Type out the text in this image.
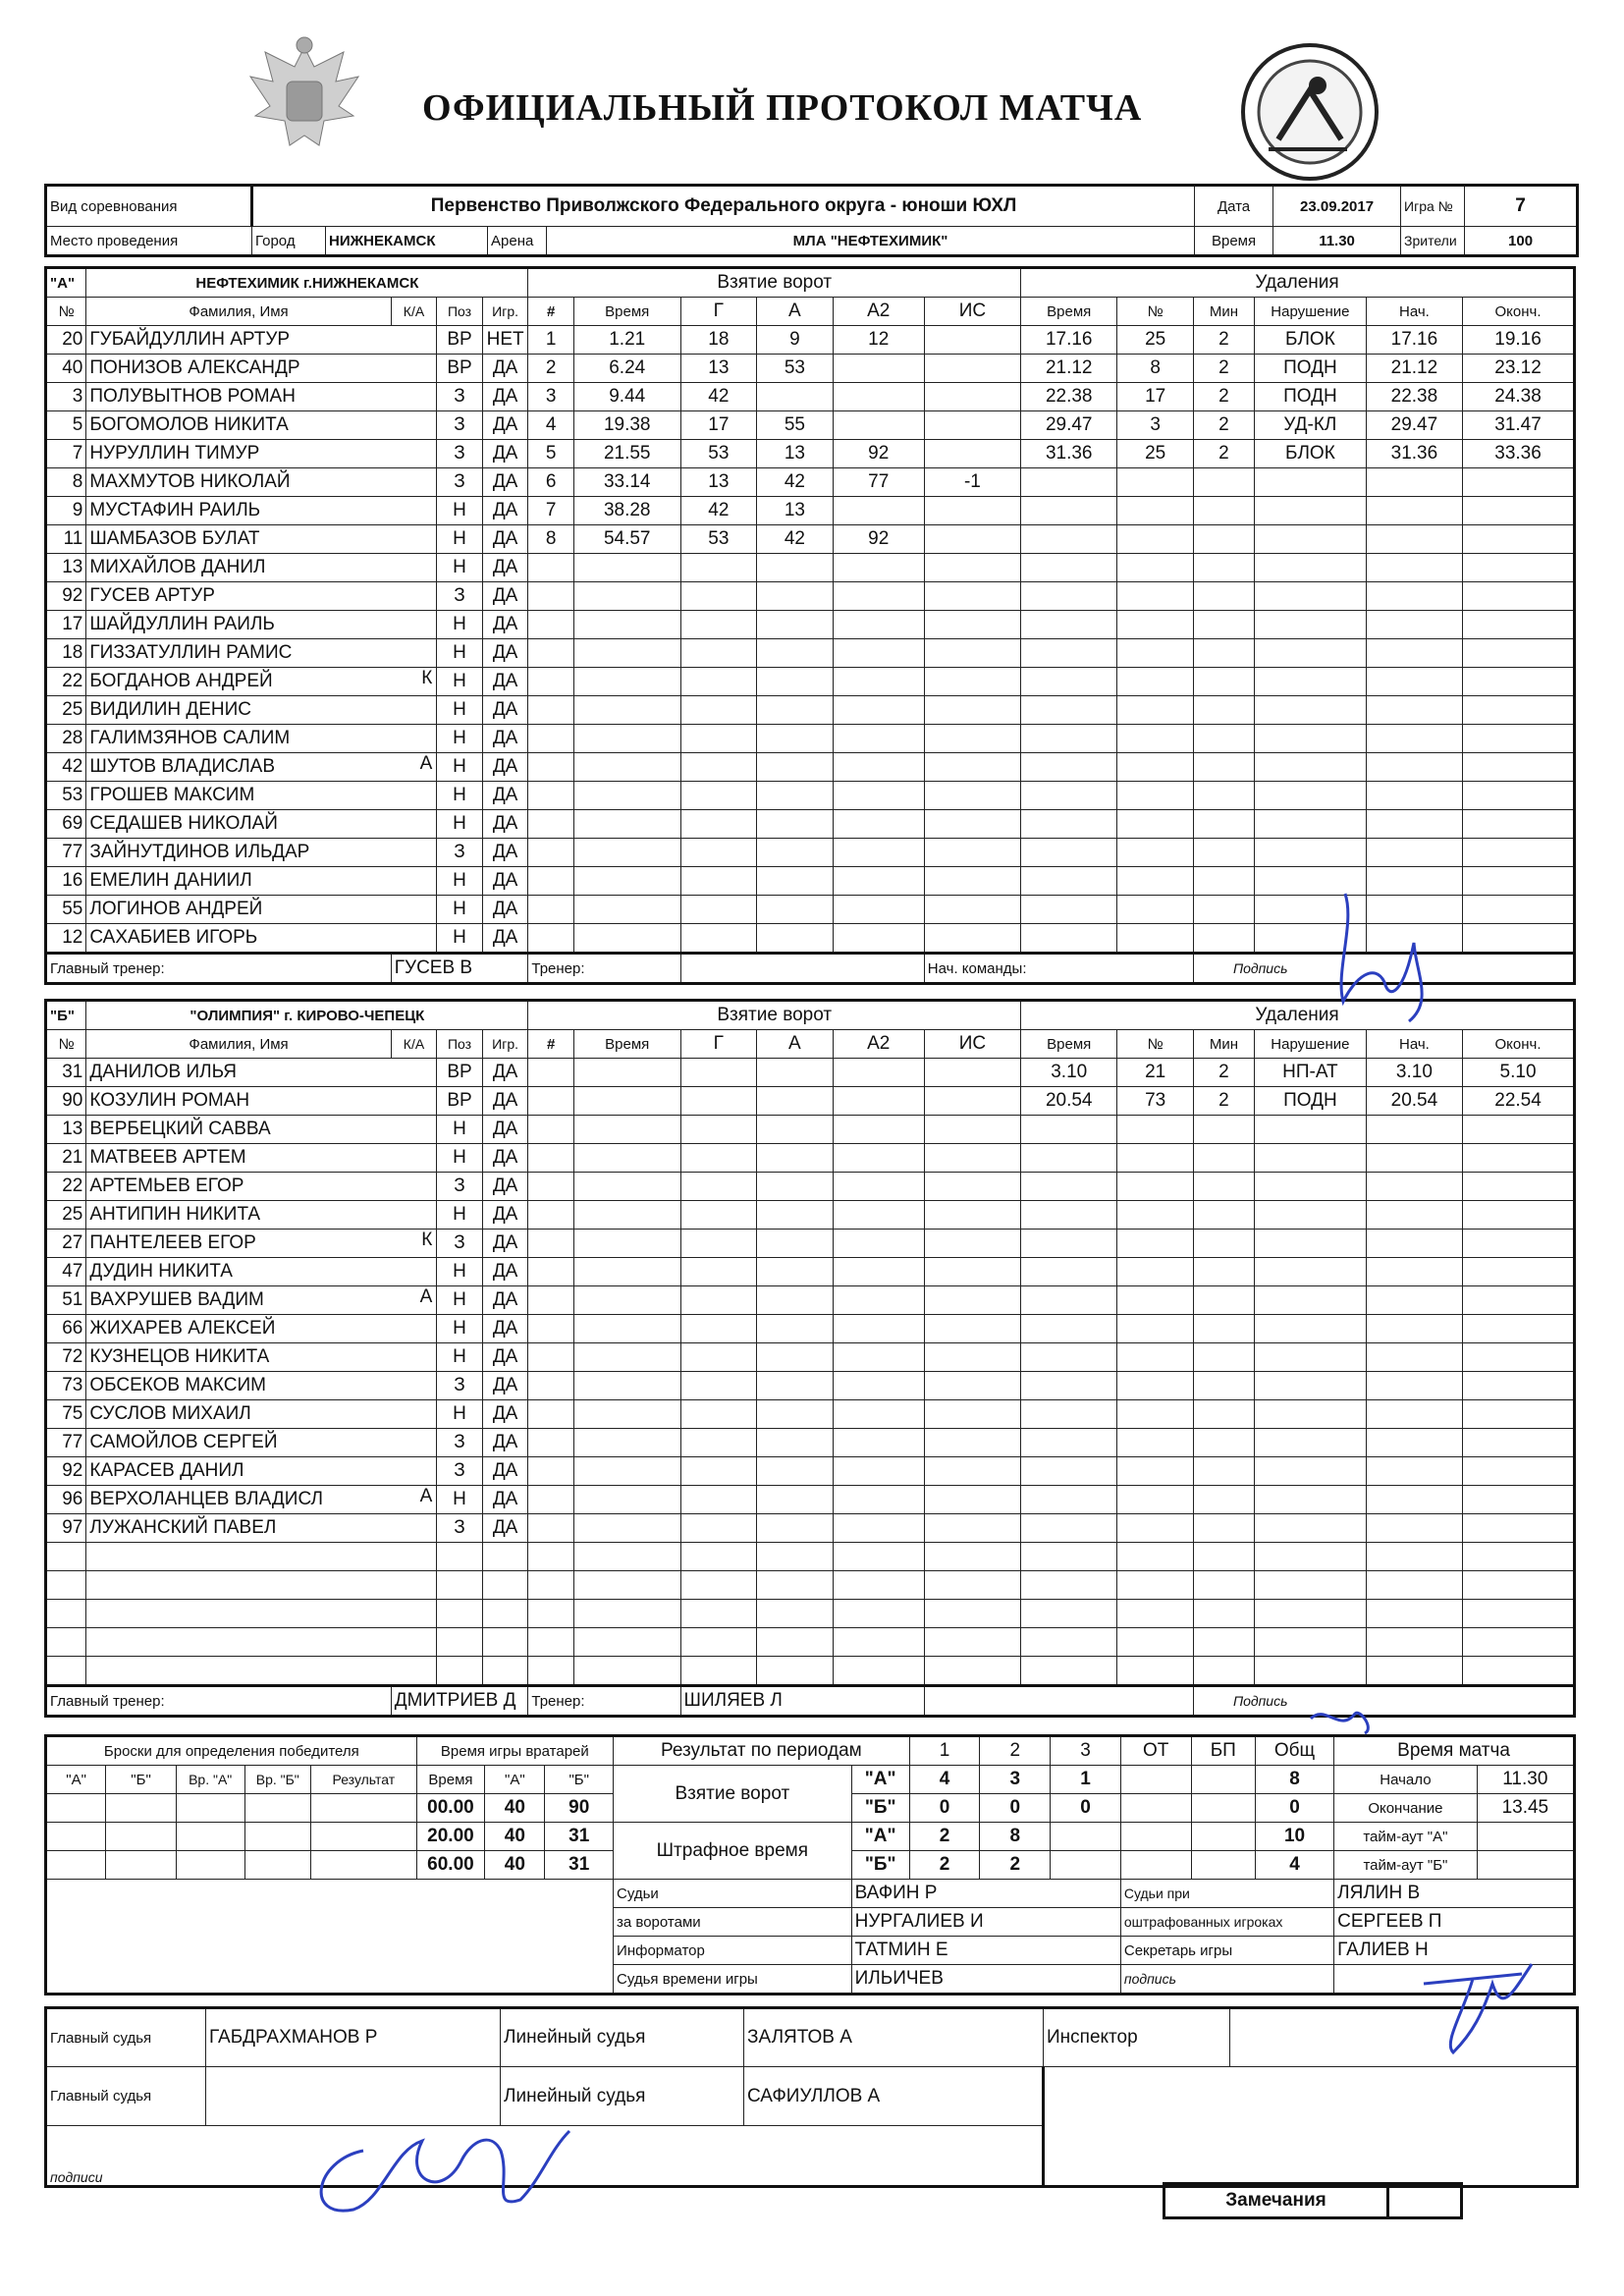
ОФИЦИАЛЬНЫЙ ПРОТОКОЛ МАТЧА
Вид соревнования	Первенство Приволжского Федерального округа - юноши ЮХЛ				Дата	23.09.2017	Игра №	7
Место проведения	Город	НИЖНЕКАМСК	Арена	МЛА "НЕФТЕХИМИК"	Время	11.30	Зрители	100
"А"	НЕФТЕХИМИК г.НИЖНЕКАМСК				Взятие ворот						Удаления					
№	Фамилия, Имя	К/А	Поз	Игр.	#	Время	Г	А	А2	ИС	Время	№	Мин	Нарушение	Нач.	Оконч.
20	ГУБАЙДУЛЛИН АРТУР		ВР	НЕТ	1	1.21	18	9	12		17.16	25	2	БЛОК	17.16	19.16
40	ПОНИЗОВ АЛЕКСАНДР		ВР	ДА	2	6.24	13	53			21.12	8	2	ПОДН	21.12	23.12
3	ПОЛУВЫТНОВ РОМАН		З	ДА	3	9.44	42				22.38	17	2	ПОДН	22.38	24.38
5	БОГОМОЛОВ НИКИТА		З	ДА	4	19.38	17	55			29.47	3	2	УД-КЛ	29.47	31.47
7	НУРУЛЛИН ТИМУР		З	ДА	5	21.55	53	13	92		31.36	25	2	БЛОК	31.36	33.36
8	МАХМУТОВ НИКОЛАЙ		З	ДА	6	33.14	13	42	77	-1						
9	МУСТАФИН РАИЛЬ		Н	ДА	7	38.28	42	13								
11	ШАМБАЗОВ БУЛАТ		Н	ДА	8	54.57	53	42	92							
13	МИХАЙЛОВ ДАНИЛ		Н	ДА												
92	ГУСЕВ АРТУР		З	ДА												
17	ШАЙДУЛЛИН РАИЛЬ		Н	ДА												
18	ГИЗЗАТУЛЛИН РАМИС		Н	ДА												
22	БОГДАНОВ АНДРЕЙ К		Н	ДА												
25	ВИДИЛИН ДЕНИС		Н	ДА												
28	ГАЛИМЗЯНОВ САЛИМ		Н	ДА												
42	ШУТОВ ВЛАДИСЛАВ А		Н	ДА												
53	ГРОШЕВ МАКСИМ		Н	ДА												
69	СЕДАШЕВ НИКОЛАЙ		Н	ДА												
77	ЗАЙНУТДИНОВ ИЛЬДАР		З	ДА												
16	ЕМЕЛИН ДАНИИЛ		Н	ДА												
55	ЛОГИНОВ АНДРЕЙ		Н	ДА												
12	САХАБИЕВ ИГОРЬ		Н	ДА												
Главный тренер:		ГУСЕВ В			Тренер:					Нач. команды:			Подпись			
"Б"	"ОЛИМПИЯ" г. КИРОВО-ЧЕПЕЦК				Взятие ворот						Удаления					
№	Фамилия, Имя	К/А	Поз	Игр.	#	Время	Г	А	А2	ИС	Время	№	Мин	Нарушение	Нач.	Оконч.
31	ДАНИЛОВ ИЛЬЯ		ВР	ДА							3.10	21	2	НП-АТ	3.10	5.10
90	КОЗУЛИН РОМАН		ВР	ДА							20.54	73	2	ПОДН	20.54	22.54
13	ВЕРБЕЦКИЙ САВВА		Н	ДА												
21	МАТВЕЕВ АРТЕМ		Н	ДА												
22	АРТЕМЬЕВ ЕГОР		З	ДА												
25	АНТИПИН НИКИТА		Н	ДА												
27	ПАНТЕЛЕЕВ ЕГОР К		З	ДА												
47	ДУДИН НИКИТА		Н	ДА												
51	ВАХРУШЕВ ВАДИМ А		Н	ДА												
66	ЖИХАРЕВ АЛЕКСЕЙ		Н	ДА												
72	КУЗНЕЦОВ НИКИТА		Н	ДА												
73	ОБСЕКОВ МАКСИМ		З	ДА												
75	СУСЛОВ МИХАИЛ		Н	ДА												
77	САМОЙЛОВ СЕРГЕЙ		З	ДА												
92	КАРАСЕВ ДАНИЛ		З	ДА												
96	ВЕРХОЛАНЦЕВ ВЛАДИСЛ А		Н	ДА												
97	ЛУЖАНСКИЙ ПАВЕЛ		З	ДА												

Главный тренер:		ДМИТРИЕВ Д			Тренер:		ШИЛЯЕВ Л						Подпись			
Броски для определения победителя					Время игры вратарей			Результат по периодам		1	2	3	ОТ	БП	Общ	Время матча	
"А"	"Б"	Вр. "А"	Вр. "Б"	Результат	Время	"А"	"Б"	Взятие ворот	"А"	4	3	1			8	Начало	11.30
					00.00	40	90		"Б"	0	0	0			0	Окончание	13.45
					20.00	40	31	Штрафное время	"А"	2	8				10	тайм-аут "А"	
					60.00	40	31		"Б"	2	2				4	тайм-аут "Б"	
								Судьи	ВАФИН Р				Судьи при			ЛЯЛИН В	
								за воротами	НУРГАЛИЕВ И				оштрафованных игроках			СЕРГЕЕВ П	
								Информатор	ТАТМИН Е				Секретарь игры			ГАЛИЕВ Н	
								Судья времени игры	ИЛЬИЧЕВ				подпись				
Главный судья	ГАБДРАХМАНОВ Р	Линейный судья	ЗАЛЯТОВ А	Инспектор	
Главный судья		Линейный судья	САФИУЛЛОВ А	Замечания	

подписи					
